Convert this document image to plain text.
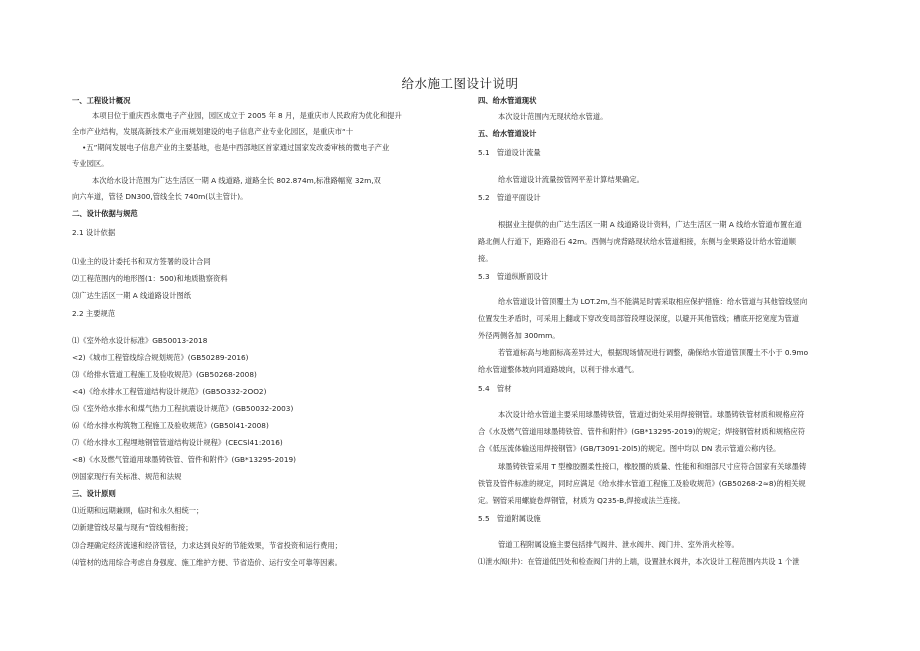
给水施工图设计说明
一、工程设计概况
本项目位于重庆西永微电子产业园，园区成立于 2005 年 8 月，是重庆市人民政府为优化和提升
全市产业结构，发展高新技术产业而规划建设的电子信息产业专业化园区，是重庆市“十
•五”期间发展电子信息产业的主要基地，也是中西部地区首家通过国家发改委审核的微电子产业
专业园区。
本次给水设计范围为广达生活区一期 A 线道路, 道路全长 802.874m,标准路幅宽 32m,双
向六车道，管径 DN300,管线全长 740m(以主管计)。
二、设计依据与规范
2.1 设计依据
⑴业主的设计委托书和双方签署的设计合同
⑵工程范围内的地形图(1：500)和地质勘察资料
⑶广达生活区一期 A 线道路设计图纸
2.2 主要规范
⑴《室外给水设计标准》GB50013-2018
<2)《城市工程管线综合规划规范》(GB50289-2016)
⑶《给排水管道工程施工及验收规范》(GB50268-2008)
<4)《给水排水工程管道结构设计规范》(GB5O332-2OO2)
⑸《室外给水排水和煤气热力工程抗震设计规范》(GB50032-2003)
⑹《给水排水构筑物工程施工及验收规范》(GB50l41-2008)
⑺《给水排水工程埋地钢管管道结构设计规程》(CECSl41:2016)
<8)《水及燃气管道用球墨铸铁管、管件和附件》(GB*13295-2019)
⑼国家现行有关标准、规范和法规
三、设计原则
⑴近期和远期兼顾，临时和永久相统一；
⑵新建管线尽量与现有“管线相衔接；
⑶合理确定经济流速和经济管径，力求达到良好的节能效果，节省投资和运行费用；
⑷管材的选用综合考虑自身强度、施工维护方便、节省造价、运行安全可靠等因素。
四、给水管道现状
本次设计范围内无现状给水管道。
五、给水管道设计
5.1　管道设计流量
给水管道设计流量按管网平差计算结果确定。
5.2　管道平面设计
根据业主提供的由广达生活区一期 A 线道路设计资料，广达生活区一期 A 线给水管道布置在道
路北侧人行道下，距路沿石 42m。西侧与虎背路现状给水管道相接，东侧与金果路设计给水管道顺
接。
5.3　管道纵断面设计
给水管道设计管顶覆土为 LOT.2m,当不能满足时需采取相应保护措施：给水管道与其他管线竖向
位置发生矛盾时，可采用上翻或下穿改变局部管段埋设深度，以避开其他管线；槽底开挖宽度为管道
外径两侧各加 300mm。
若管道标高与地面标高差异过大，根据现场情况进行调整，确保给水管道管顶覆土不小于 0.9mo
给水管道整体坡向同道路坡向，以利于排水通气。
5.4　管材
本次设计给水管道主要采用球墨铸铁管，管道过街处采用焊接钢管。球墨铸铁管材质和规格应符
合《水及燃气管道用球墨铸铁管、管件和附件》(GB*13295-2019)的规定；焊接钢管材质和规格应符
合《低压流体输送用焊接钢管》(GB/T3091-20l5)的规定。图中均以 DN 表示管道公称内径。
球墨铸铁管采用 T 型橡胶圈柔性接口，橡胶圈的质量、性能和和细部尺寸应符合国家有关球墨铸
铁管及管件标准的规定，同时应满足《给水排水管道工程施工及验收规范》(GB50268-2≈8)的相关规
定。钢管采用螺旋卷焊钢管，材质为 Q235-B,焊接或法兰连接。
5.5　管道附属设施
管道工程附属设施主要包括排气阀井、泄水阀井、阀门井、室外消火栓等。
⑴泄水阀(井)：在管道低凹处和检查阀门井的上端，设置泄水阀井，本次设计工程范围内共设 1 个泄
